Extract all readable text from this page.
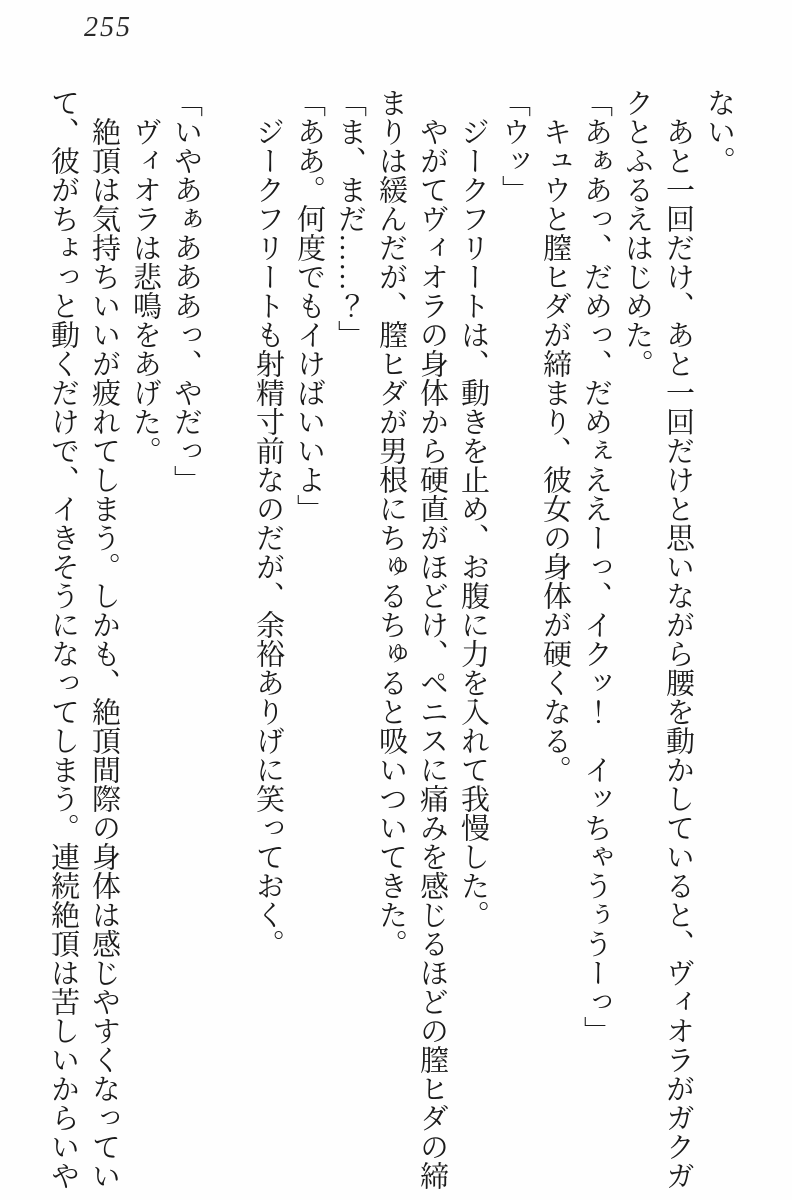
255

ない。

あと一回だけ、あと一回だけと思いながら腰を動かしていると、ヴィオラがガクガ

クとふるえはじめた。

「あぁあっ、だめっ、だめぇええーっ、イクッ！　イッちゃうぅうーっ」

キュウと膣ヒダが締まり、彼女の身体が硬くなる。

「ウッ」

ジークフリートは、動きを止め、お腹に力を入れて我慢した。

やがてヴィオラの身体から硬直がほどけ、ペニスに痛みを感じるほどの膣ヒダの締

まりは緩んだが、膣ヒダが男根にちゅるちゅると吸いついてきた。

「ま、まだ……？」

「ああ。何度でもイけばいいよ」

ジークフリートも射精寸前なのだが、余裕ありげに笑っておく。

「いやあぁあああっ、やだっ」

ヴィオラは悲鳴をあげた。

絶頂は気持ちいいが疲れてしまう。しかも、絶頂間際の身体は感じやすくなってい

て、彼がちょっと動くだけで、イきそうになってしまう。連続絶頂は苦しいからいや
